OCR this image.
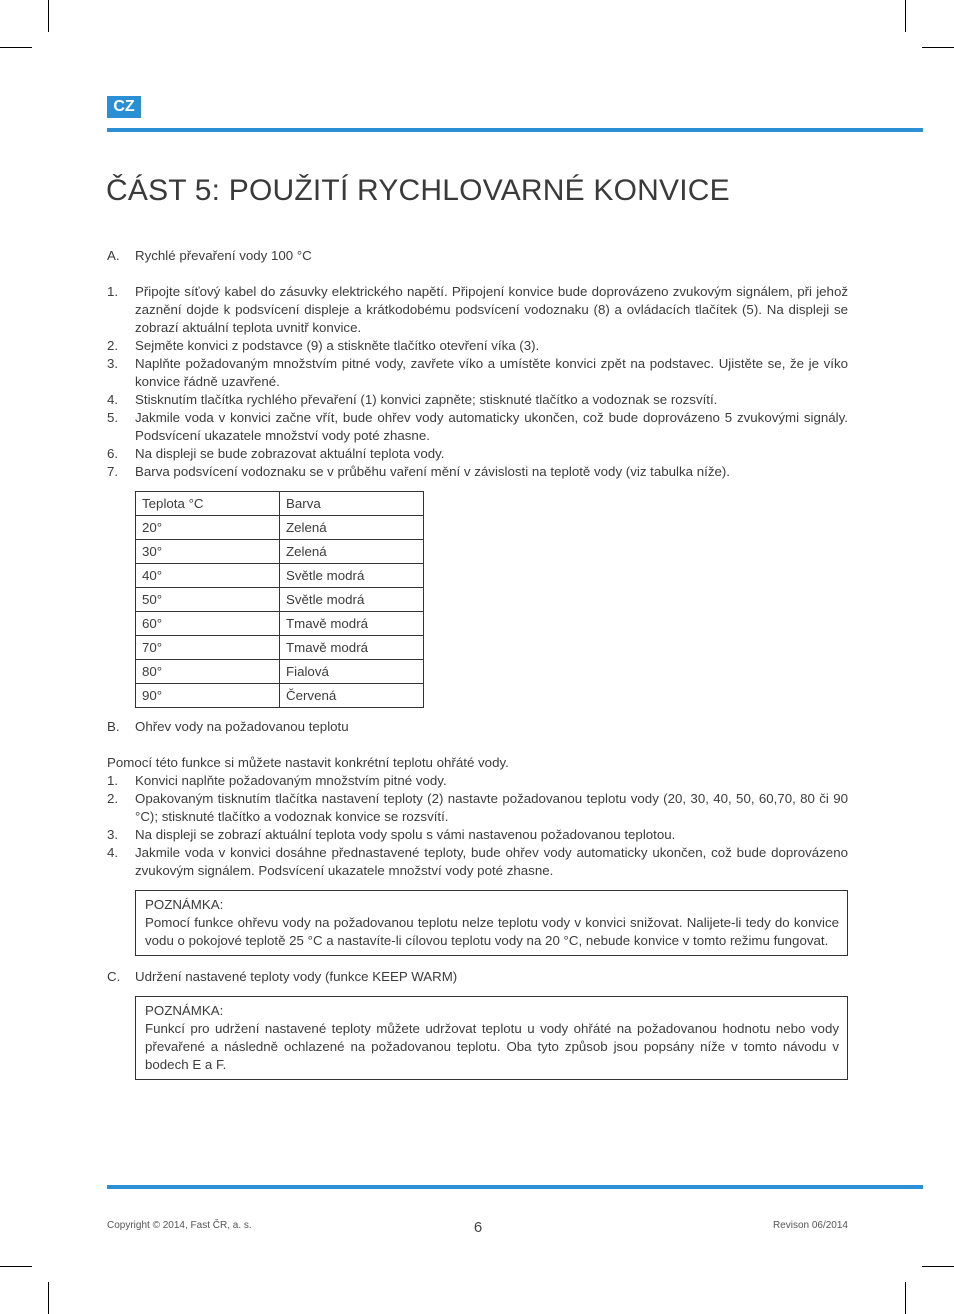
CZ
ČÁST 5: POUŽITÍ RYCHLOVARNÉ KONVICE
A. Rychlé převaření vody 100 °C
1. Připojte síťový kabel do zásuvky elektrického napětí. Připojení konvice bude doprovázeno zvukovým signálem, při jehož zaznění dojde k podsvícení displeje a krátkodobému podsvícení vodoznaku (8) a ovládacích tlačítek (5). Na displeji se zobrazí aktuální teplota uvnitř konvice.
2. Sejměte konvici z podstavce (9) a stiskněte tlačítko otevření víka (3).
3. Naplňte požadovaným množstvím pitné vody, zavřete víko a umístěte konvici zpět na podstavec. Ujistěte se, že je víko konvice řádně uzavřené.
4. Stisknutím tlačítka rychlého převaření (1) konvici zapněte; stisknuté tlačítko a vodoznak se rozsvítí.
5. Jakmile voda v konvici začne vřít, bude ohřev vody automaticky ukončen, což bude doprovázeno 5 zvukovými signály. Podsvícení ukazatele množství vody poté zhasne.
6. Na displeji se bude zobrazovat aktuální teplota vody.
7. Barva podsvícení vodoznaku se v průběhu vaření mění v závislosti na teplotě vody (viz tabulka níže).
Teplota °C	Barva
20°	Zelená
30°	Zelená
40°	Světle modrá
50°	Světle modrá
60°	Tmavě modrá
70°	Tmavě modrá
80°	Fialová
90°	Červená
B. Ohřev vody na požadovanou teplotu
Pomocí této funkce si můžete nastavit konkrétní teplotu ohřáté vody.
1. Konvici naplňte požadovaným množstvím pitné vody.
2. Opakovaným tisknutím tlačítka nastavení teploty (2) nastavte požadovanou teplotu vody (20, 30, 40, 50, 60,70, 80 či 90 °C); stisknuté tlačítko a vodoznak konvice se rozsvítí.
3. Na displeji se zobrazí aktuální teplota vody spolu s vámi nastavenou požadovanou teplotou.
4. Jakmile voda v konvici dosáhne přednastavené teploty, bude ohřev vody automaticky ukončen, což bude doprovázeno zvukovým signálem. Podsvícení ukazatele množství vody poté zhasne.
POZNÁMKA:
Pomocí funkce ohřevu vody na požadovanou teplotu nelze teplotu vody v konvici snižovat. Nalijete-li tedy do konvice vodu o pokojové teplotě 25 °C a nastavíte-li cílovou teplotu vody na 20 °C, nebude konvice v tomto režimu fungovat.
C. Udržení nastavené teploty vody (funkce KEEP WARM)
POZNÁMKA:
Funkcí pro udržení nastavené teploty můžete udržovat teplotu u vody ohřáté na požadovanou hodnotu nebo vody převařené a následně ochlazené na požadovanou teplotu. Oba tyto způsob jsou popsány níže v tomto návodu v bodech E a F.
Copyright © 2014, Fast ČR, a. s.	6	Revison 06/2014
